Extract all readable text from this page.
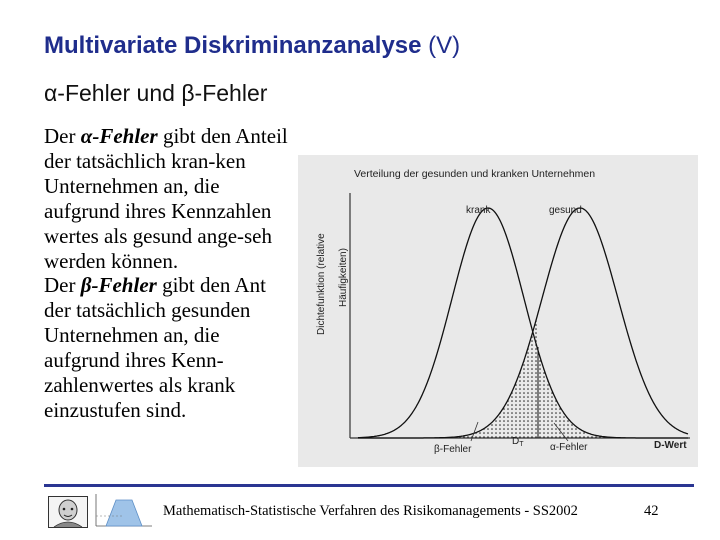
Multivariate Diskriminanzanalyse (V)
α-Fehler und β-Fehler
Der α-Fehler gibt den Anteil
der tatsächlich kran-ken
Unternehmen an, die
aufgrund ihres Kennzahlen
wertes als gesund ange-seh
werden können.
Der β-Fehler gibt den Ant
der tatsächlich gesunden
Unternehmen an, die
aufgrund ihres Kenn-
zahlenwertes als krank
einzustufen sind.
Verteilung der gesunden und kranken Unternehmen
Dichtefunktion (relative Häufigkeiten)
krank	gesund
β-Fehler
$D_T$	α-Fehler	D-Wert
Mathematisch-Statistische Verfahren des Risikomanagements - SS2002	42
